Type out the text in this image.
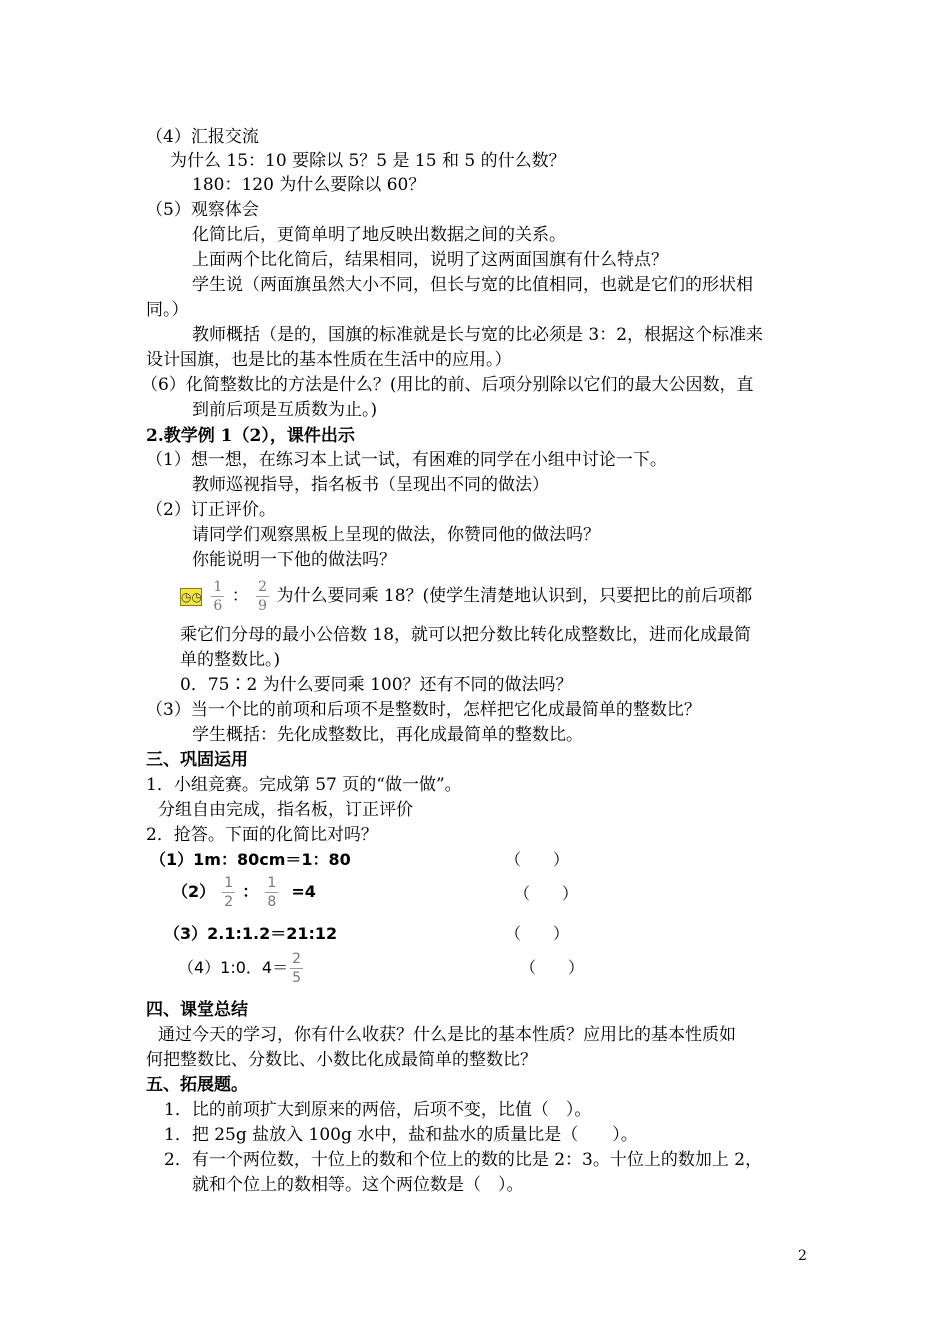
（4）汇报交流
为什么 15：10 要除以 5？5 是 15 和 5 的什么数？
180：120 为什么要除以 60？
（5）观察体会
化简比后，更简单明了地反映出数据之间的关系。
上面两个比化简后，结果相同，说明了这两面国旗有什么特点？
学生说（两面旗虽然大小不同，但长与宽的比值相同，也就是它们的形状相
同。）
教师概括（是的，国旗的标准就是长与宽的比必须是 3：2，根据这个标准来
设计国旗，也是比的基本性质在生活中的应用。）
（6）化简整数比的方法是什么？(用比的前、后项分别除以它们的最大公因数，直
到前后项是互质数为止。)
2.教学例 1（2），课件出示
（1）想一想，在练习本上试一试，有困难的同学在小组中讨论一下。
教师巡视指导，指名板书（呈现出不同的做法）
（2）订正评价。
请同学们观察黑板上呈现的做法，你赞同他的做法吗？
你能说明一下他的做法吗？
◷◷ $\frac{1}{6}$ ： $\frac{2}{9}$ 为什么要同乘 18？(使学生清楚地认识到，只要把比的前后项都
乘它们分母的最小公倍数 18，就可以把分数比转化成整数比，进而化成最简
单的整数比。)
0．75∶2 为什么要同乘 100？还有不同的做法吗？
（3）当一个比的前项和后项不是整数时，怎样把它化成最简单的整数比？
学生概括：先化成整数比，再化成最简单的整数比。
三、巩固运用
1．小组竞赛。完成第 57 页的“做一做”。
分组自由完成，指名板，订正评价
2．抢答。下面的化简比对吗？
（1）1m：80cm＝1：80	（　　）
$(2) \frac{1}{2}$ ： $\frac{1}{8} =4$	（　　）
（3）2.1:1.2＝21:12	（　　）
（4）1:0．$4= \frac{2}{5}$	（　　）
四、课堂总结
通过今天的学习，你有什么收获？什么是比的基本性质？应用比的基本性质如
何把整数比、分数比、小数比化成最简单的整数比？
五、拓展题。
1．比的前项扩大到原来的两倍，后项不变，比值（　）。
1．把 25g 盐放入 100g 水中，盐和盐水的质量比是（　　）。
2．有一个两位数，十位上的数和个位上的数的比是 2：3。十位上的数加上 2，
就和个位上的数相等。这个两位数是（　）。
2
